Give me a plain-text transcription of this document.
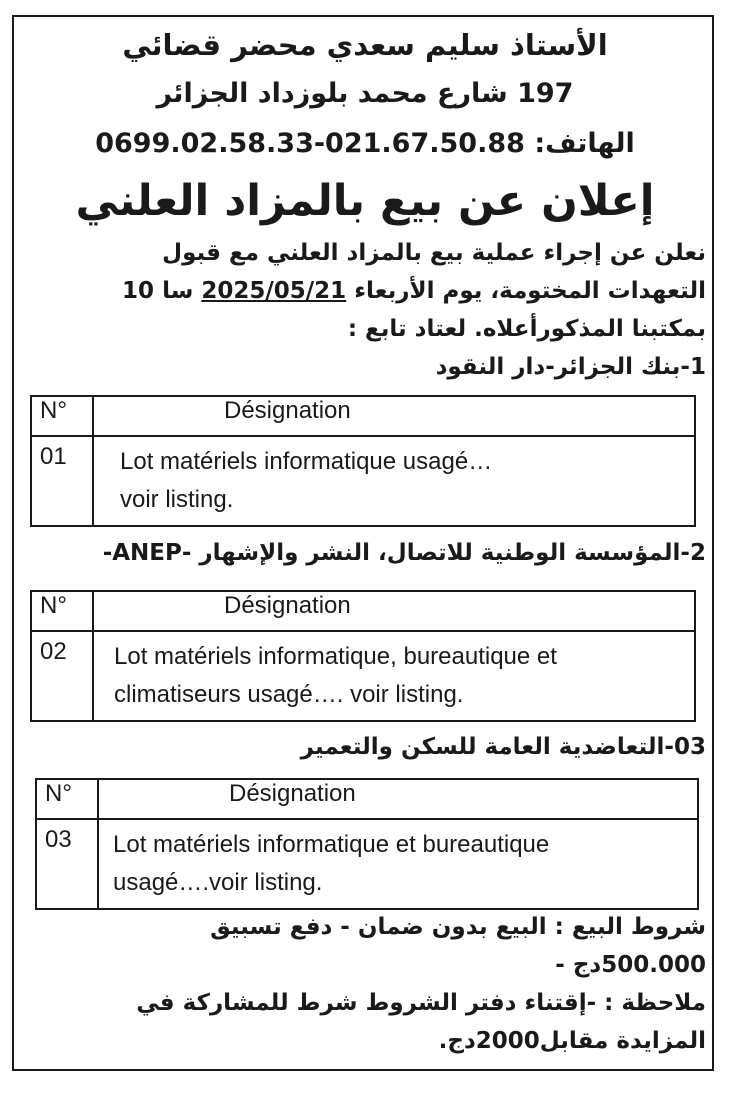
الأستاذ سليم سعدي محضر قضائي
197 شارع محمد بلوزداد الجزائر
الهاتف: 0699.02.58.33-021.67.50.88
إعلان عن بيع بالمزاد العلني
نعلن عن إجراء عملية بيع بالمزاد العلني مع قبول
التعهدات المختومة، يوم الأربعاء 2025/05/21 سا 10
بمكتبنا المذكورأعلاه. لعتاد تابع :
1-بنك الجزائر-دار النقود
N°	Désignation
01	Lot matériels informatique usagé…
voir listing.
2-المؤسسة الوطنية للاتصال، النشر والإشهار -ANEP-
N°	Désignation
02	Lot matériels informatique, bureautique et
climatiseurs usagé…. voir listing.
03-التعاضدية العامة للسكن والتعمير
N°	Désignation
03	Lot matériels informatique et bureautique
usagé….voir listing.
شروط البيع : البيع بدون ضمان - دفع تسبيق
500.000دج -
ملاحظة : -إقتناء دفتر الشروط شرط للمشاركة في
المزايدة مقابل2000دج.
